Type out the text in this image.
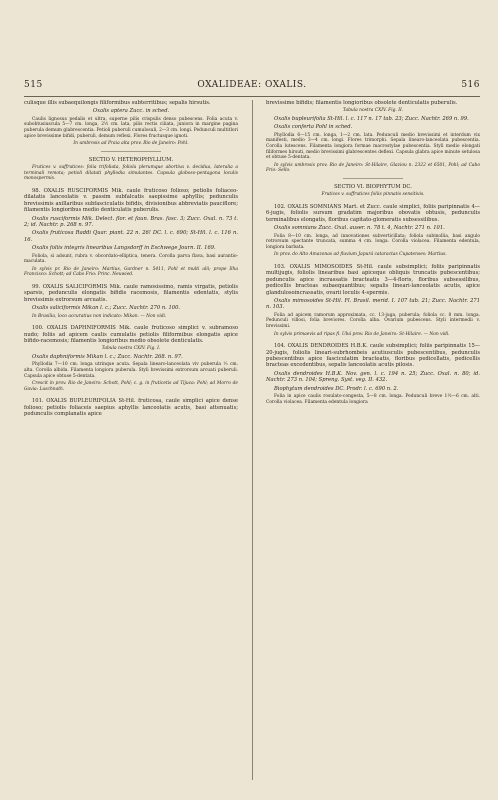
515	OXALIDEAE: OXALIS.	516

culisque illis subaequilongis filiformibus subterritibus; sepalis hirsutis.

Oxalis aptera Zucc. in sched.

Caulis lignosus pedalis et ultra, superne pilis crispulis denso pubescens. Folia acuta v. subobtusiuscula 5—7 cm. longa, 2½ cm. lata, pilis rectis ciliata, juniora in margine pagina puberula demum glabrescentia. Petioli puberuli cumulosuli, 2—3 cm. longi. Pedunculi multitlori apice brevissime bifidi, puberuli, demum reflexi. Flores fructusque ignoti.

In umbrosis ad Praia alta prov. Rio de Janeiro: Pohl.

SECTIO V. HETEROPHYLLIUM.

Frutices v. suffrutices: folia trifoliata, foliola plerumque abortiva v. decidua, lateralia a terminali remota; petioli dilatati phyllodia simulantes. Capsula globoso-pentagona loculis monospermis.

98. OXALIS RUSCIFORMIS Mik. caule fruticoso folioso; petiolis foliaceo-dilatatis lanceolatis v. passim subfalcatis saepissime aphyllis; pedunculis brevissimis axillaribus subfasciculatis bifidis, divisionibus abbreviatis pauciflore; filamentis longioribus medio denticulatis puberulis.

Oxalis rusciformis Mik. Delect. flor. et faun. Bras. fasc. 3; Zucc. Oxal. n. 73 t. 2; id. Nachtr. p. 268 n. 97.

Oxalis fruticosa Raddi Quar. piant. 22 n. 26! DC. l. c. 690; St-Hil. l. c. 116 n. 16.

Oxalis foliis integris linearibus Langsdorff in Eschwege Journ. II. 169.

Foliola, si adsunt, rubra v. obcordato-elliptica, tenera. Corolla parva flava, basi aurantio-maculata.

In sylvis pr. Rio de Janeiro: Martius, Gardner n. 5411, Pohl et multi alii; prope Ilha Francisco: Schott; ad Cabo Frio: Princ. Neuwied.

99. OXALIS SALICIFORMIS Mik. caule ramosissimo, ramis virgatis, petiolis sparsis, pedunculis elongatis bifidis racemosis, filamentis edentatis, stylis brevissimis extrorsum arcuatis.

Oxalis saliciformis Mikan l. c.; Zucc. Nachtr. 270 n. 100.

In Brasilia, loco accuratius non indicato: Mikan. — Non vidi.

100. OXALIS DAPHNIFORMIS Mik. caule fruticoso simplici v. subramoso nudo; foliis ad apicem caulis cumulatis petiolis filiformibus elongatis apice bifido-racemosis; filamentis longioribus medio obsolete denticulatis.

Tabula nostra CXIV. Fig. I.

Oxalis daphniformis Mikan l. c.; Zucc. Nachtr. 268. n. 97.

Phyllodia 7—10 cm. longa utrinque acuta. Sepala linearo-lanceolata viv puberula ⅓ cm. alta. Corolla albida. Filamenta longiora puberula. Styli brevissimi extrorsum arcuati puberuli. Capsula apice obtuse 5-dentata.

Crescit in prov. Rio de Janeiro: Schott, Pohl; c. g. in fruticetis ad Tijuca: Pohl; ad Morro de Gavia: Luschnath.

101. OXALIS BUPLEURIFOLIA St-Hil. fruticosa, caule simplici apice dense folioso; petiolis foliaceis saepius aphyllis lanceolatis acutis, basi attenuatis; pedunculis complanatis apice

brevissime bifidis; filamentis longioribus obsolete denticulatis puberulis.

Tabula nostra CXIV. Fig. II.

Oxalis bupleurifolia St-Hil. l. c. 117 n. 17 tab. 23; Zucc. Nachtr. 269 n. 99.

Oxalis conferta Pohl in sched.

Phyllodia 6—15 cm. longa, 1—2 cm. lata. Pedunculi medio brevissimi et interdum vix manifesti, medio 3—4 cm. longi. Flores trimorphi. Sepala linearo-lanceolata pubescentia. Corolla lutescens. Filamenta longiora formae macrostylae pubescentia. Styli medio elongati filiformes hirsuti, medio brevissimi glabrescentes deflexi. Capsula glabra apice minute setulosa et obtuse 5-dentata.

In sylvis umbrosis prov. Rio de Janeiro: St-Hilaire, Glaziou n. 2322 et 6501, Pohl; ad Cabo Frio: Sello.

SECTIO VI. BIOPHYTUM DC.

Frutices v. suffrutices foliis pinnatis sensitivis.

102. OXALIS SOMNIANS Mart. et Zucc. caule simplici, foliis paripinnatis 4—6-jugis, foliolis sursum gradatim majoribus obovatis obtusis, pedunculis terminalibus elongatis, floribus capitato-glomeratis subsessilibus.

Oxalis somnians Zucc. Oxal. auser. n. 78 t. 4, Nachtr. 271 n. 101.

Folia 8—10 cm. longa, ad innovationes subverticillata; foliola submollia, basi angulo retrorsum spectante truncata, summa 4 cm. longa. Corolla violacea. Filamenta edentula, longiora barbata.

In prov. do Alto Amazonas ad fluvium Japurá cataractas Cupatenses: Martius.

103. OXALIS MIMOSOIDES St-Hil. caule subsimplici; foliis paripinnatis multijugis, foliolis linearibus basi apiceque obliquis truncatis pubescentibus; pedunculis apice incrassatis bracteatis 3—4-floris, floribus subsessilibus, pedicellis bracteas subaequantibus; sepalis lineari-lanceolatis acutis, apice glandulosoincrassatis, ovarii loculis 4-spermis.

Oxalis mimosoides St-Hil. Fl. Brasil. merid. I. 107 tab. 21; Zucc. Nachtr. 271 n. 103.

Folia ad apicem ramorum approximata, cc. 13-juga, puberula; foliola cc. 8 mm. longa. Pedunculi villosi, folia breviores. Corolla alba. Ovarium pubescens. Styli intermedii v. brevissimi.

In sylvis primaevis ad ripas fl. Ubá prov. Rio de Janeiro: St-Hilaire. — Non vidi.

104. OXALIS DENDROIDES H.B.K. caule subsimplici; foliis paripinnatis 15—20-jugis, foliolis lineari-subrhombeis acutiusculis pubescentibus, pedunculis pubescentibus apice fasciculatim bracteatis, floribus pedicellatis, pedicellis bracteas excedentibus, sepalis lanceolatis acutis pilosis.

Oxalis dendroides H.B.K. Nov. gen. l. c. 194 n. 25; Zucc. Oxal. n. 80; id. Nachtr. 273 n. 104; Spreng. Syst. veg. II. 432.

Biophytum dendroides DC. Prodr. l. c. 690 n. 2.

Folia in apice caulis rosulato-congesta, 5—8 cm. longa. Pedunculi breve 1½—6 cm. alti. Corolla violacea. Filamenta edentula longiora
